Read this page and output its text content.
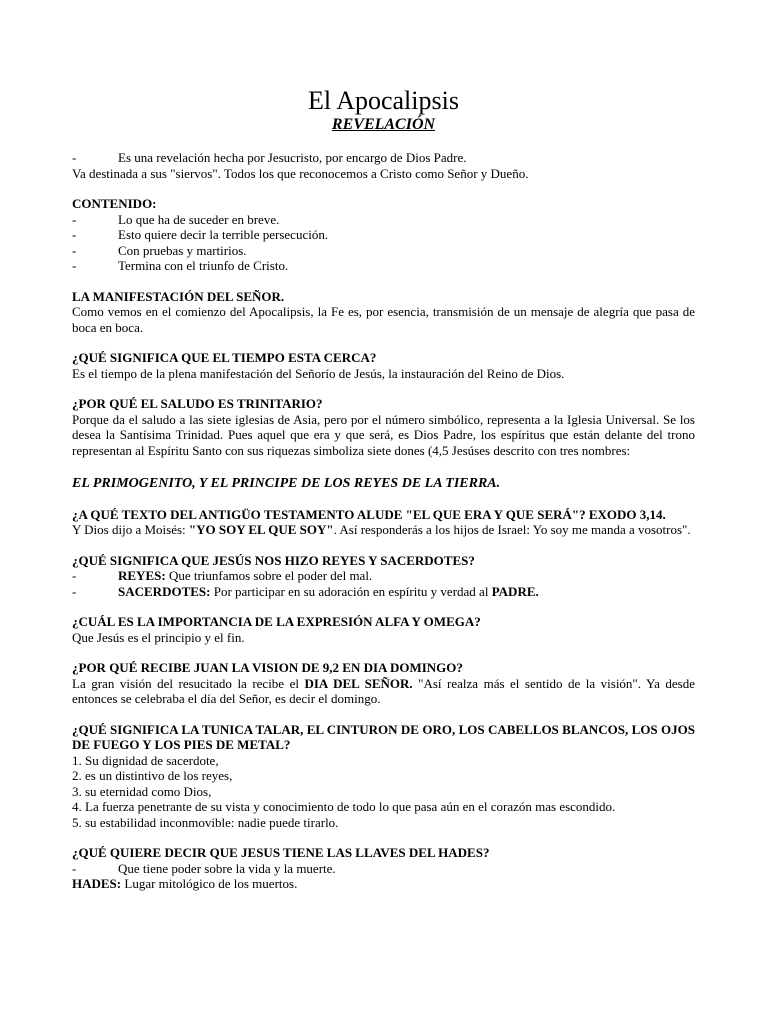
El Apocalipsis
REVELACIÓN
-	Es una revelación hecha por Jesucristo, por encargo de Dios Padre.

Va destinada a sus "siervos". Todos los que reconocemos a Cristo como Señor y Dueño.

CONTENIDO:

-	Lo que ha de suceder en breve.
-	Esto quiere decir la terrible persecución.
-	Con pruebas y martirios.
-	Termina con el triunfo de Cristo.

LA MANIFESTACIÓN DEL SEÑOR.

Como vemos en el comienzo del Apocalipsis, la Fe es, por esencia, transmisión de un mensaje de alegría que pasa de boca en boca.

¿QUÉ SIGNIFICA QUE EL TIEMPO ESTA CERCA?

Es el tiempo de la plena manifestación del Señorío de Jesús, la instauración del Reino de Dios.

¿POR QUÉ EL SALUDO ES TRINITARIO?

Porque da el saludo a las siete iglesias de Asia, pero por el número simbólico, representa a la Iglesia Universal. Se los desea la Santísima Trinidad. Pues aquel que era y que será, es Dios Padre, los espíritus que están delante del trono representan al Espíritu Santo con sus riquezas simboliza siete dones (4,5 Jesúses descrito con tres nombres:

EL PRIMOGENITO, Y EL PRINCIPE DE LOS REYES DE LA TIERRA.

¿A QUÉ TEXTO DEL ANTIGÜO TESTAMENTO ALUDE "EL QUE ERA Y QUE SERÁ"? EXODO 3,14.

Y Dios dijo a Moisés: "YO SOY EL QUE SOY". Así responderás a los hijos de Israel: Yo soy me manda a vosotros".

¿QUÉ SIGNIFICA QUE JESÚS NOS HIZO REYES Y SACERDOTES?

-	REYES: Que triunfamos sobre el poder del mal.
-	SACERDOTES: Por participar en su adoración en espíritu y verdad al PADRE.

¿CUÁL ES LA IMPORTANCIA DE LA EXPRESIÓN ALFA Y OMEGA?

Que Jesús es el principio y el fin.

¿POR QUÉ RECIBE JUAN LA VISION DE 9,2 EN DIA DOMINGO?

La gran visión del resucitado la recibe el DIA DEL SEÑOR. "Así realza más el sentido de la visión". Ya desde entonces se celebraba el día del Señor, es decir el domingo.

¿QUÉ SIGNIFICA LA TUNICA TALAR, EL CINTURON DE ORO, LOS CABELLOS BLANCOS, LOS OJOS DE FUEGO Y LOS PIES DE METAL?

1. Su dignidad de sacerdote,

2. es un distintivo de los reyes,

3. su eternidad como Dios,

4. La fuerza penetrante de su vista y conocimiento de todo lo que pasa aún en el corazón mas escondido.

5. su estabilidad inconmovible: nadie puede tirarlo.

¿QUÉ QUIERE DECIR QUE JESUS TIENE LAS LLAVES DEL HADES?

-	Que tiene poder sobre la vida y la muerte.

HADES: Lugar mitológico de los muertos.
